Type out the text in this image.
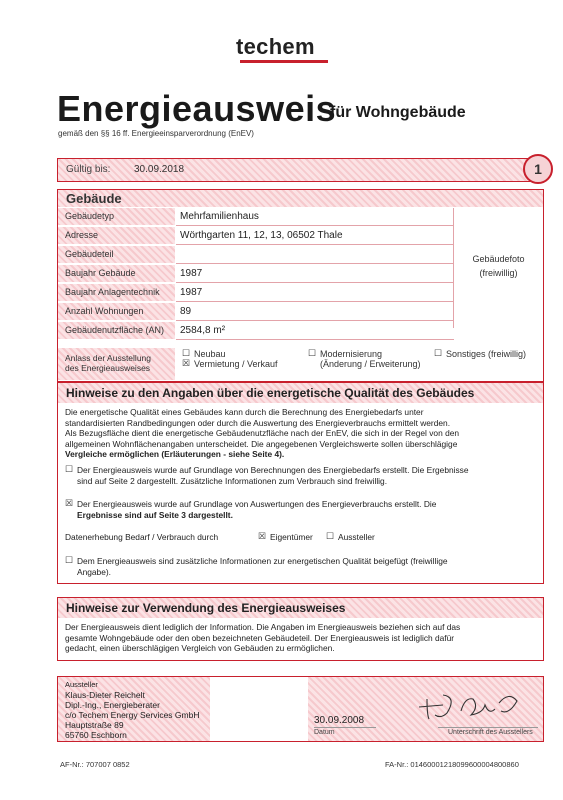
techem
Energieausweis
für Wohngebäude
gemäß den §§ 16 ff. Energieeinsparverordnung (EnEV)
Gültig bis: 30.09.2018	1
Gebäude
Gebäudetyp	Mehrfamilienhaus
Adresse	Wörthgarten 11, 12, 13, 06502 Thale
Gebäudeteil
Baujahr Gebäude	1987
Baujahr Anlagentechnik 1987
Anzahl Wohnungen	89
Gebäudenutzfläche (AN) 2584,8 m²
Gebäudefoto
(freiwillig)
Anlass der Ausstellung
des Energieausweises
☐ Neubau
☒ Vermietung / Verkauf
☐ Modernisierung
(Änderung / Erweiterung)
☐ Sonstiges (freiwillig)
Hinweise zu den Angaben über die energetische Qualität des Gebäudes
Die energetische Qualität eines Gebäudes kann durch die Berechnung des Energiebedarfs unter
standardisierten Randbedingungen oder durch die Auswertung des Energieverbrauchs ermittelt werden.
Als Bezugsfläche dient die energetische Gebäudenutzfläche nach der EnEV, die sich in der Regel von den
allgemeinen Wohnflächenangaben unterscheidet. Die angegebenen Vergleichswerte sollen überschlägige
Vergleiche ermöglichen (Erläuterungen - siehe Seite 4).
☐ Der Energieausweis wurde auf Grundlage von Berechnungen des Energiebedarfs erstellt. Die Ergebnisse
sind auf Seite 2 dargestellt. Zusätzliche Informationen zum Verbrauch sind freiwillig.
☒ Der Energieausweis wurde auf Grundlage von Auswertungen des Energieverbrauchs erstellt. Die
Ergebnisse sind auf Seite 3 dargestellt.
Datenerhebung Bedarf / Verbrauch durch	☒ Eigentümer ☐ Aussteller
☐ Dem Energieausweis sind zusätzliche Informationen zur energetischen Qualität beigefügt (freiwillige
Angabe).
Hinweise zur Verwendung des Energieausweises
Der Energieausweis dient lediglich der Information. Die Angaben im Energieausweis beziehen sich auf das
gesamte Wohngebäude oder den oben bezeichneten Gebäudeteil. Der Energieausweis ist lediglich dafür
gedacht, einen überschlägigen Vergleich von Gebäuden zu ermöglichen.
Aussteller
Klaus-Dieter Reichelt
Dipl.-Ing., Energieberater
c/o Techem Energy Services GmbH
Hauptstraße 89
65760 Eschborn
30.09.2008
Datum	Unterschrift des Ausstellers
AF-Nr.: 707007 0852	FA-Nr.: 01460001218099600004800860
